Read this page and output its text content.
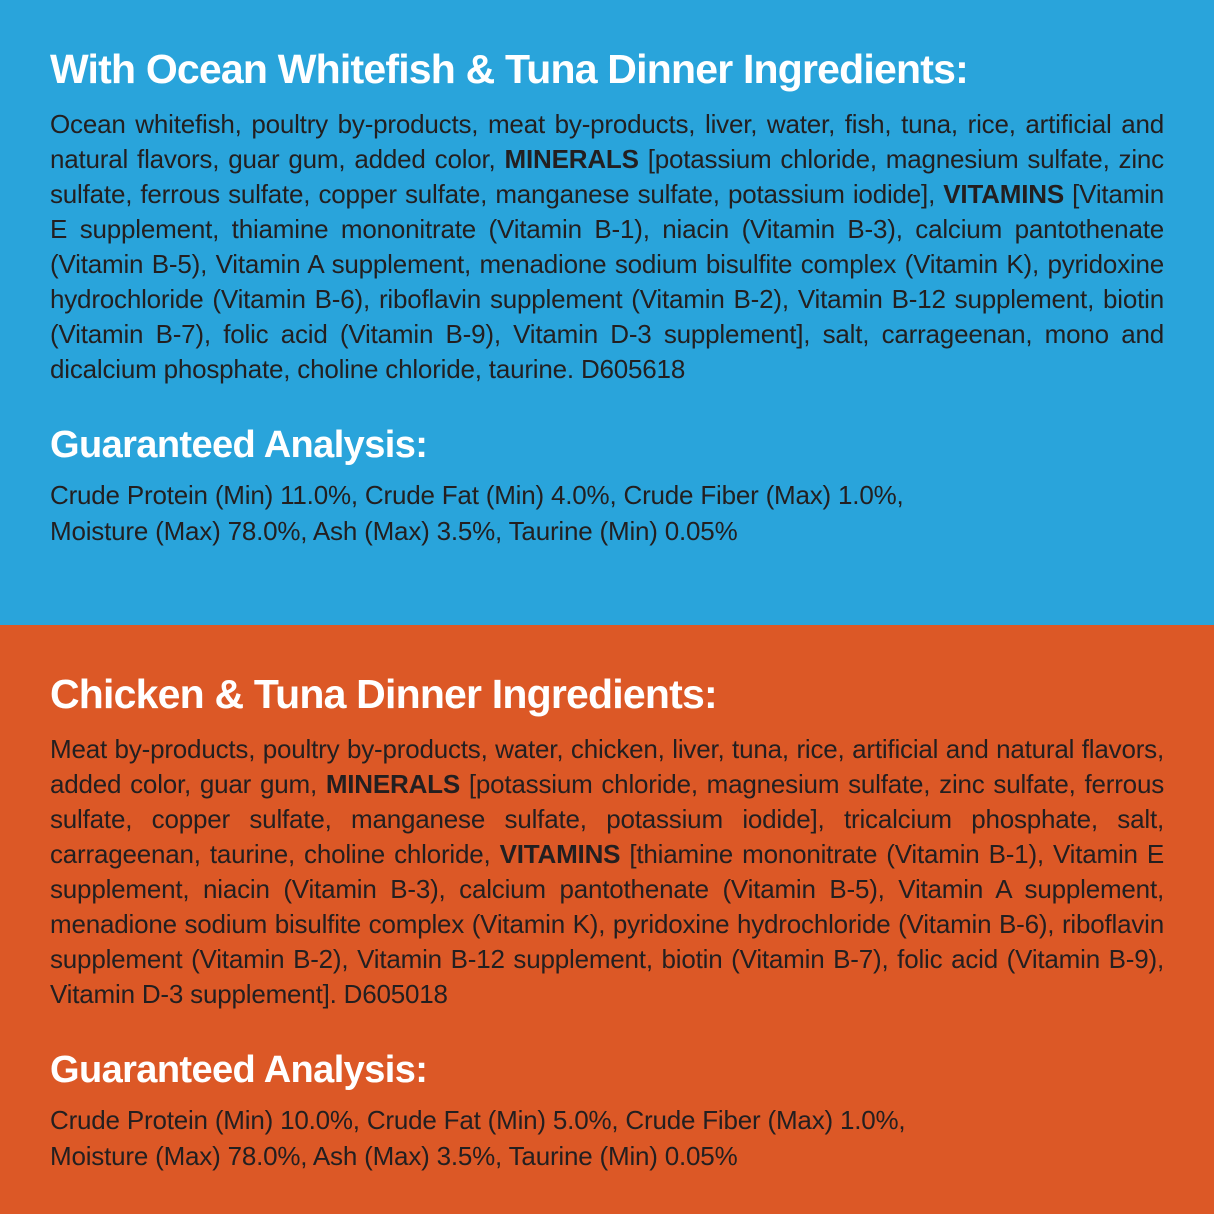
With Ocean Whitefish & Tuna Dinner Ingredients:

Ocean whitefish, poultry by-products, meat by-products, liver, water, fish, tuna, rice, artificial and natural flavors, guar gum, added color, MINERALS [potassium chloride, magnesium sulfate, zinc sulfate, ferrous sulfate, copper sulfate, manganese sulfate, potassium iodide], VITAMINS [Vitamin E supplement, thiamine mononitrate (Vitamin B-1), niacin (Vitamin B-3), calcium pantothenate (Vitamin B-5), Vitamin A supplement, menadione sodium bisulfite complex (Vitamin K), pyridoxine hydrochloride (Vitamin B-6), riboflavin supplement (Vitamin B-2), Vitamin B-12 supplement, biotin (Vitamin B-7), folic acid (Vitamin B-9), Vitamin D-3 supplement], salt, carrageenan, mono and dicalcium phosphate, choline chloride, taurine. D605618

Guaranteed Analysis:
Crude Protein (Min) 11.0%, Crude Fat (Min) 4.0%, Crude Fiber (Max) 1.0%,
Moisture (Max) 78.0%, Ash (Max) 3.5%, Taurine (Min) 0.05%
Chicken & Tuna Dinner Ingredients:

Meat by-products, poultry by-products, water, chicken, liver, tuna, rice, artificial and natural flavors, added color, guar gum, MINERALS [potassium chloride, magnesium sulfate, zinc sulfate, ferrous sulfate, copper sulfate, manganese sulfate, potassium iodide], tricalcium phosphate, salt, carrageenan, taurine, choline chloride, VITAMINS [thiamine mononitrate (Vitamin B-1), Vitamin E supplement, niacin (Vitamin B-3), calcium pantothenate (Vitamin B-5), Vitamin A supplement, menadione sodium bisulfite complex (Vitamin K), pyridoxine hydrochloride (Vitamin B-6), riboflavin supplement (Vitamin B-2), Vitamin B-12 supplement, biotin (Vitamin B-7), folic acid (Vitamin B-9), Vitamin D-3 supplement]. D605018

Guaranteed Analysis:
Crude Protein (Min) 10.0%, Crude Fat (Min) 5.0%, Crude Fiber (Max) 1.0%,
Moisture (Max) 78.0%, Ash (Max) 3.5%, Taurine (Min) 0.05%
